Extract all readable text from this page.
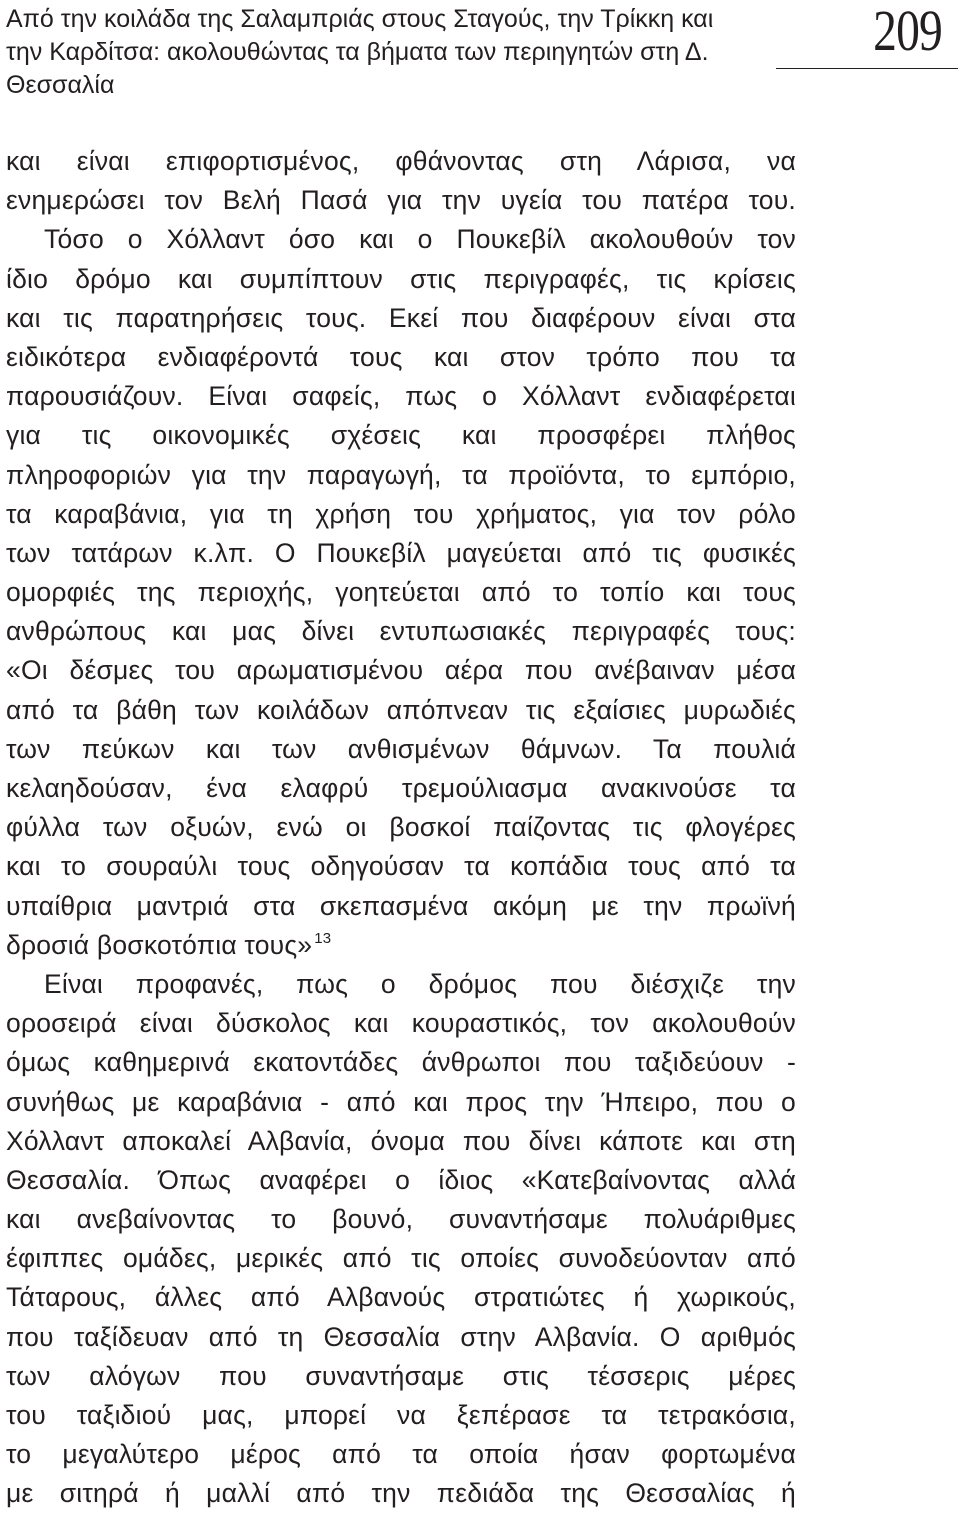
Από την κοιλάδα της Σαλαμπριάς στους Σταγούς, την Τρίκκη και
την Καρδίτσα: ακολουθώντας τα βήματα των περιηγητών στη Δ.
Θεσσαλία
209
και είναι επιφορτισμένος, φθάνοντας στη Λάρισα, να
ενημερώσει τον Βελή Πασά για την υγεία του πατέρα του.
Τόσο ο Χόλλαντ όσο και ο Πουκεβίλ ακολουθούν τον
ίδιο δρόμο και συμπίπτουν στις περιγραφές, τις κρίσεις
και τις παρατηρήσεις τους. Εκεί που διαφέρουν είναι στα
ειδικότερα ενδιαφέροντά τους και στον τρόπο που τα
παρουσιάζουν. Είναι σαφείς, πως ο Χόλλαντ ενδιαφέρεται
για τις οικονομικές σχέσεις και προσφέρει πλήθος
πληροφοριών για την παραγωγή, τα προϊόντα, το εμπόριο,
τα καραβάνια, για τη χρήση του χρήματος, για τον ρόλο
των τατάρων κ.λπ. Ο Πουκεβίλ μαγεύεται από τις φυσικές
ομορφιές της περιοχής, γοητεύεται από το τοπίο και τους
ανθρώπους και μας δίνει εντυπωσιακές περιγραφές τους:
«Οι δέσμες του αρωματισμένου αέρα που ανέβαιναν μέσα
από τα βάθη των κοιλάδων απόπνεαν τις εξαίσιες μυρωδιές
των πεύκων και των ανθισμένων θάμνων. Τα πουλιά
κελαηδούσαν, ένα ελαφρύ τρεμούλιασμα ανακινούσε τα
φύλλα των οξυών, ενώ οι βοσκοί παίζοντας τις φλογέρες
και το σουραύλι τους οδηγούσαν τα κοπάδια τους από τα
υπαίθρια μαντριά στα σκεπασμένα ακόμη με την πρωϊνή
δροσιά βοσκοτόπια τους» $^{13}$
Είναι προφανές, πως ο δρόμος που διέσχιζε την
οροσειρά είναι δύσκολος και κουραστικός, τον ακολουθούν
όμως καθημερινά εκατοντάδες άνθρωποι που ταξιδεύουν -
συνήθως με καραβάνια - από και προς την Ήπειρο, που ο
Χόλλαντ αποκαλεί Αλβανία, όνομα που δίνει κάποτε και στη
Θεσσαλία. Όπως αναφέρει ο ίδιος «Κατεβαίνοντας αλλά
και ανεβαίνοντας το βουνό, συναντήσαμε πολυάριθμες
έφιππες ομάδες, μερικές από τις οποίες συνοδεύονταν από
Τάταρους, άλλες από Αλβανούς στρατιώτες ή χωρικούς,
που ταξίδευαν από τη Θεσσαλία στην Αλβανία. Ο αριθμός
των αλόγων που συναντήσαμε στις τέσσερις μέρες
του ταξιδιού μας, μπορεί να ξεπέρασε τα τετρακόσια,
το μεγαλύτερο μέρος από τα οποία ήσαν φορτωμένα
με σιτηρά ή μαλλί από την πεδιάδα της Θεσσαλίας ή
